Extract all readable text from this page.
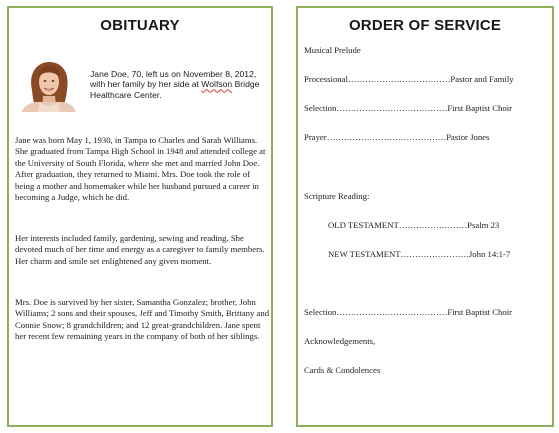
OBITUARY
Jane Doe, 70, left us on November 8, 2012, with her family by her side at Wolfson Bridge Healthcare Center.
Jane was born May 1, 1930, in Tampa to Charles and Sarah Williams. She graduated from Tampa High School in 1948 and attended college at the University of South Florida, where she met and married John Doe. After graduation, they returned to Miami. Mrs. Doe took the role of being a mother and homemaker while her husband pursued a career in becoming a Judge, which he did.
Her interests included family, gardening, sewing and reading. She devoted much of her time and energy as a caregiver to family members. Her charm and smile set enlightened any given moment.
Mrs. Doe is survived by her sister, Samantha Gonzalez; brother, John Williams; 2 sons and their spouses, Jeff and Timothy Smith, Brittany and Connie Snow; 8 grandchildren; and 12 great-grandchildren. Jane spent her recent few remaining years in the company of both of her siblings.
ORDER OF SERVICE
Musical Prelude
Processional………………………………Pastor and Family
Selection…………………………………First Baptist Choir
Prayer……………………………………Pastor Jones
Scripture Reading:
OLD TESTAMENT……………………Psalm 23
NEW TESTAMENT……………………John 14:1-7
Selection…………………………………First Baptist Choir
Acknowledgements,
Cards & Condolences
